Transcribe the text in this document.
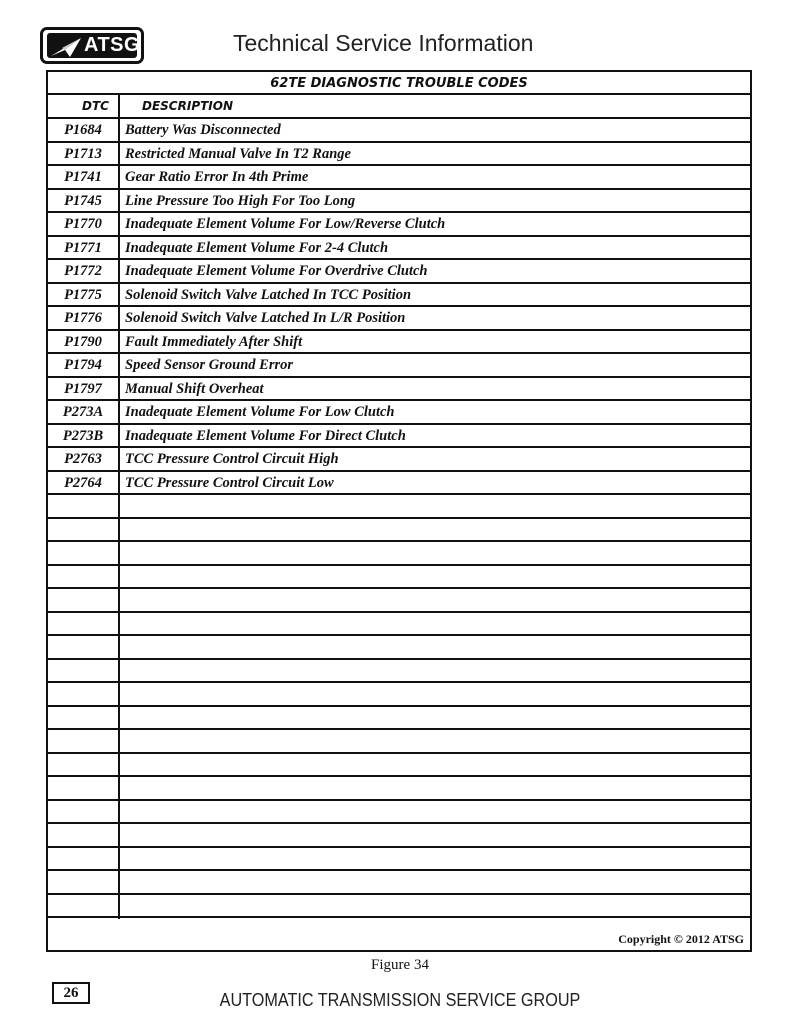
ATSG	Technical Service Information
62TE DIAGNOSTIC TROUBLE CODES
DTC	DESCRIPTION
P1684	Battery Was Disconnected
P1713	Restricted Manual Valve In T2 Range
P1741	Gear Ratio Error In 4th Prime
P1745	Line Pressure Too High For Too Long
P1770	Inadequate Element Volume For Low/Reverse Clutch
P1771	Inadequate Element Volume For 2-4 Clutch
P1772	Inadequate Element Volume For Overdrive Clutch
P1775	Solenoid Switch Valve Latched In TCC Position
P1776	Solenoid Switch Valve Latched In L/R Position
P1790	Fault Immediately After Shift
P1794	Speed Sensor Ground Error
P1797	Manual Shift Overheat
P273A	Inadequate Element Volume For Low Clutch
P273B	Inadequate Element Volume For Direct Clutch
P2763	TCC Pressure Control Circuit High
P2764	TCC Pressure Control Circuit Low
Copyright © 2012 ATSG
Figure 34
26	AUTOMATIC TRANSMISSION SERVICE GROUP
